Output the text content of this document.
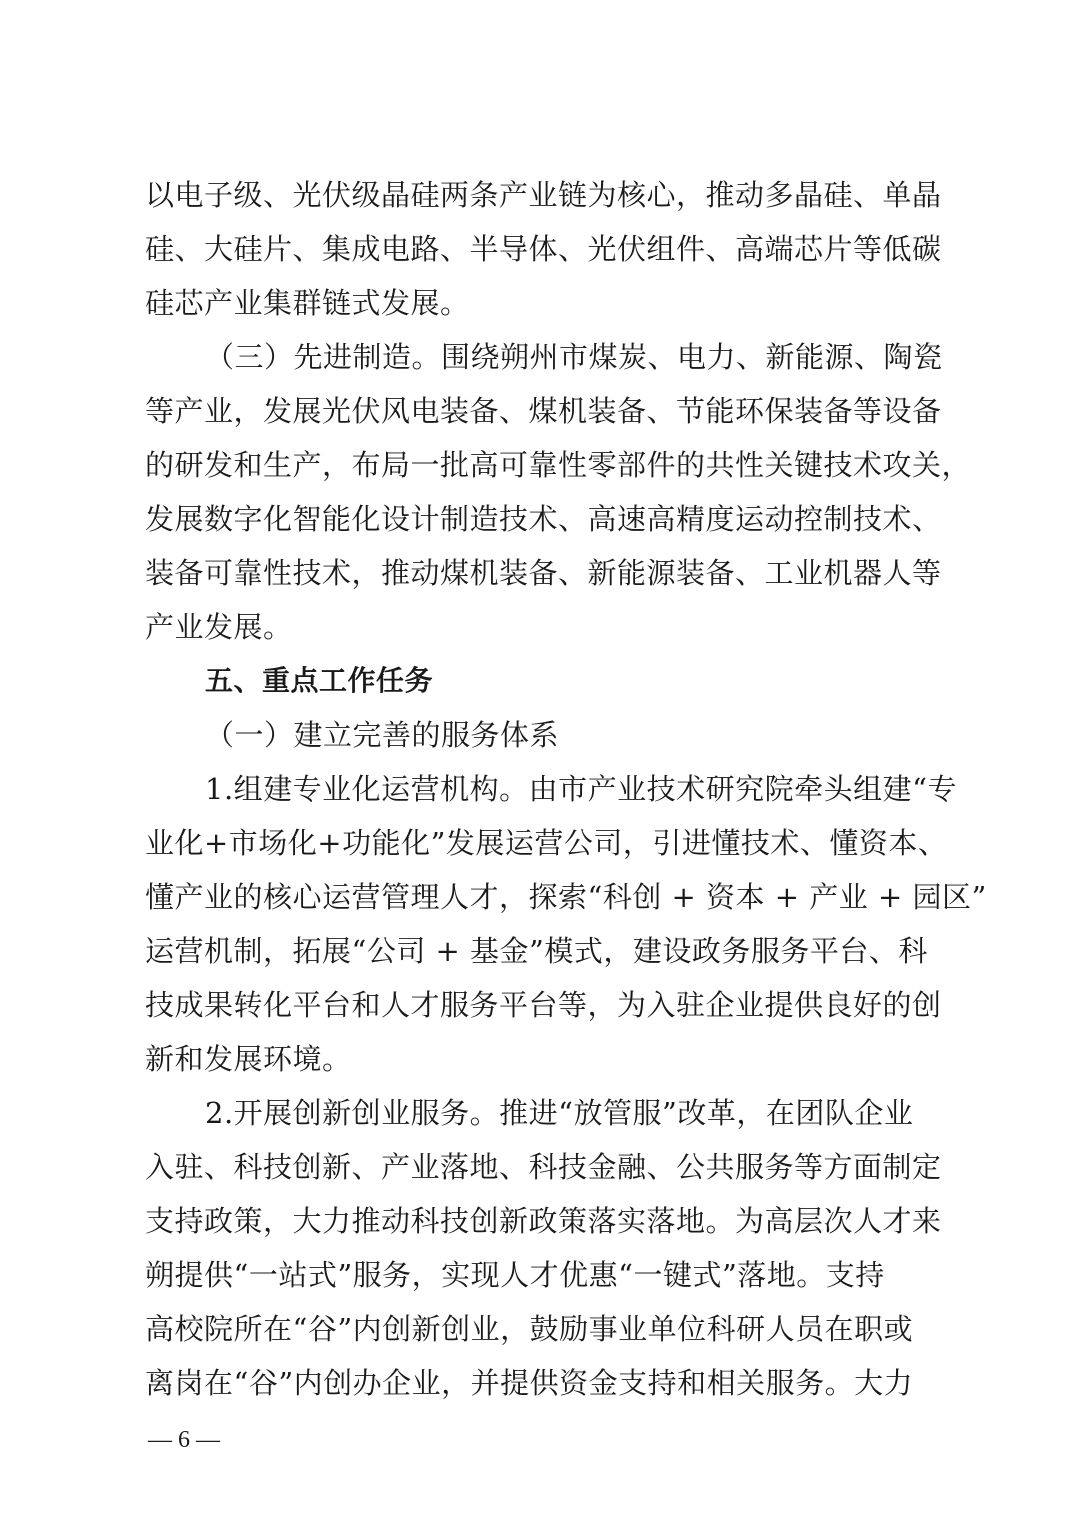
以电子级、光伏级晶硅两条产业链为核心，推动多晶硅、单晶
硅、大硅片、集成电路、半导体、光伏组件、高端芯片等低碳
硅芯产业集群链式发展。
（三）先进制造。围绕朔州市煤炭、电力、新能源、陶瓷
等产业，发展光伏风电装备、煤机装备、节能环保装备等设备
的研发和生产，布局一批高可靠性零部件的共性关键技术攻关，
发展数字化智能化设计制造技术、高速高精度运动控制技术、
装备可靠性技术，推动煤机装备、新能源装备、工业机器人等
产业发展。
五、重点工作任务
（一）建立完善的服务体系
1.组建专业化运营机构。由市产业技术研究院牵头组建“专
业化+市场化+功能化”发展运营公司，引进懂技术、懂资本、
懂产业的核心运营管理人才，探索“科创 + 资本 + 产业 + 园区”
运营机制，拓展“公司 + 基金”模式，建设政务服务平台、科
技成果转化平台和人才服务平台等，为入驻企业提供良好的创
新和发展环境。
2.开展创新创业服务。推进“放管服”改革，在团队企业
入驻、科技创新、产业落地、科技金融、公共服务等方面制定
支持政策，大力推动科技创新政策落实落地。为高层次人才来
朔提供“一站式”服务，实现人才优惠“一键式”落地。支持
高校院所在“谷”内创新创业，鼓励事业单位科研人员在职或
离岗在“谷”内创办企业，并提供资金支持和相关服务。大力
— 6 —
